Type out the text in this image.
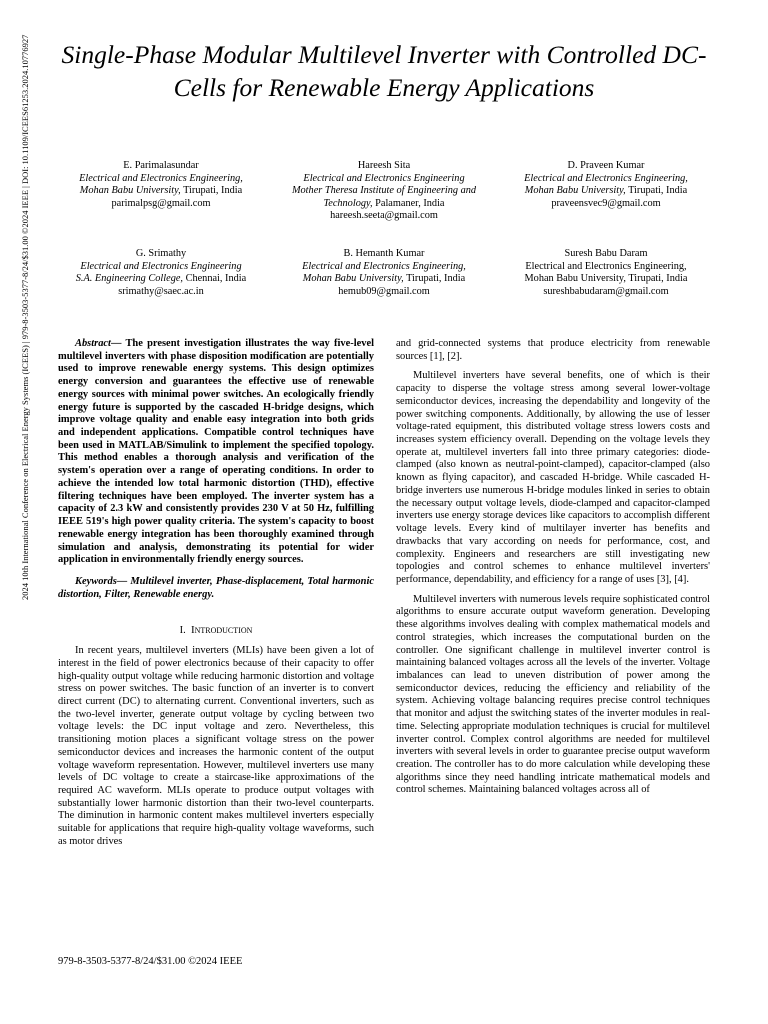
Single-Phase Modular Multilevel Inverter with Controlled DC-Cells for Renewable Energy Applications
2024 10th International Conference on Electrical Energy Systems (ICEES) | 979-8-3503-5377-8/24/$31.00 ©2024 IEEE | DOI: 10.1109/ICEES61253.2024.10776927	E. Parimalasundar
Electrical and Electronics Engineering,
Mohan Babu University, Tirupati, India
parimalpsg@gmail.com
Hareesh Sita
Electrical and Electronics Engineering
Mother Theresa Institute of Engineering and Technology, Palamaner, India
hareesh.seeta@gmail.com
D. Praveen Kumar
Electrical and Electronics Engineering,
Mohan Babu University, Tirupati, India
praveensvec9@gmail.com
G. Srimathy
Electrical and Electronics Engineering
S.A. Engineering College, Chennai, India
srimathy@saec.ac.in
B. Hemanth Kumar
Electrical and Electronics Engineering,
Mohan Babu University, Tirupati, India
hemub09@gmail.com
Suresh Babu Daram
Electrical and Electronics Engineering,
Mohan Babu University, Tirupati, India
sureshbabudaram@gmail.com

Abstract— The present investigation illustrates the way five-level multilevel inverters with phase disposition modification are potentially used to improve renewable energy systems. This design optimizes energy conversion and guarantees the effective use of renewable energy sources with minimal power switches. An ecologically friendly energy future is supported by the cascaded H-bridge designs, which improve voltage quality and enable easy integration into both grids and independent applications. Compatible control techniques have been used in MATLAB/Simulink to implement the specified topology. This method enables a thorough analysis and verification of the system's operation over a range of operating conditions. In order to achieve the intended low total harmonic distortion (THD), effective filtering techniques have been employed. The inverter system has a capacity of 2.3 kW and consistently provides 230 V at 50 Hz, fulfilling IEEE 519's high power quality criteria. The system's capacity to boost renewable energy integration has been thoroughly examined through simulation and analysis, demonstrating its potential for wider application in environmentally friendly energy sources.

Keywords— Multilevel inverter, Phase-displacement, Total harmonic distortion, Filter, Renewable energy.

I. Introduction

In recent years, multilevel inverters (MLIs) have been given a lot of interest in the field of power electronics because of their capacity to offer high-quality output voltage while reducing harmonic distortion and voltage stress on power switches. The basic function of an inverter is to convert direct current (DC) to alternating current. Conventional inverters, such as the two-level inverter, generate output voltage by cycling between two voltage levels: the DC input voltage and zero. Nevertheless, this transitioning motion places a significant voltage stress on the power semiconductor devices and increases the harmonic content of the output voltage waveform representation. However, multilevel inverters use many levels of DC voltage to create a staircase-like approximations of the required AC waveform. MLIs operate to produce output voltages with substantially lower harmonic distortion than their two-level counterparts. The diminution in harmonic content makes multilevel inverters especially suitable for applications that require high-quality voltage waveforms, such as motor drives

and grid-connected systems that produce electricity from renewable sources [1], [2].

Multilevel inverters have several benefits, one of which is their capacity to disperse the voltage stress among several lower-voltage semiconductor devices, increasing the dependability and longevity of the power switching components. Additionally, by allowing the use of lesser voltage-rated equipment, this distributed voltage stress lowers costs and increases system efficiency overall. Depending on the voltage levels they operate at, multilevel inverters fall into three primary categories: diode-clamped (also known as neutral-point-clamped), capacitor-clamped (also known as flying capacitor), and cascaded H-bridge. While cascaded H-bridge inverters use numerous H-bridge modules linked in series to obtain the necessary output voltage levels, diode-clamped and capacitor-clamped inverters use energy storage devices like capacitors to accomplish different voltage levels. Every kind of multilayer inverter has benefits and drawbacks that vary according on needs for performance, cost, and complexity. Engineers and researchers are still investigating new topologies and control schemes to enhance multilevel inverters' performance, dependability, and efficiency for a range of uses [3], [4].

Multilevel inverters with numerous levels require sophisticated control algorithms to ensure accurate output waveform generation. Developing these algorithms involves dealing with complex mathematical models and control strategies, which increases the computational burden on the controller. One significant challenge in multilevel inverter control is maintaining balanced voltages across all the levels of the inverter. Voltage imbalances can lead to uneven distribution of power among the semiconductor devices, reducing the efficiency and reliability of the system. Achieving voltage balancing requires precise control techniques that monitor and adjust the switching states of the inverter modules in real-time. Selecting appropriate modulation techniques is crucial for multilevel inverter control. Complex control algorithms are needed for multilevel inverters with several levels in order to guarantee precise output waveform creation. The controller has to do more calculation while developing these algorithms since they need handling intricate mathematical models and control schemes. Maintaining balanced voltages across all of

979-8-3503-5377-8/24/$31.00 ©2024 IEEE
